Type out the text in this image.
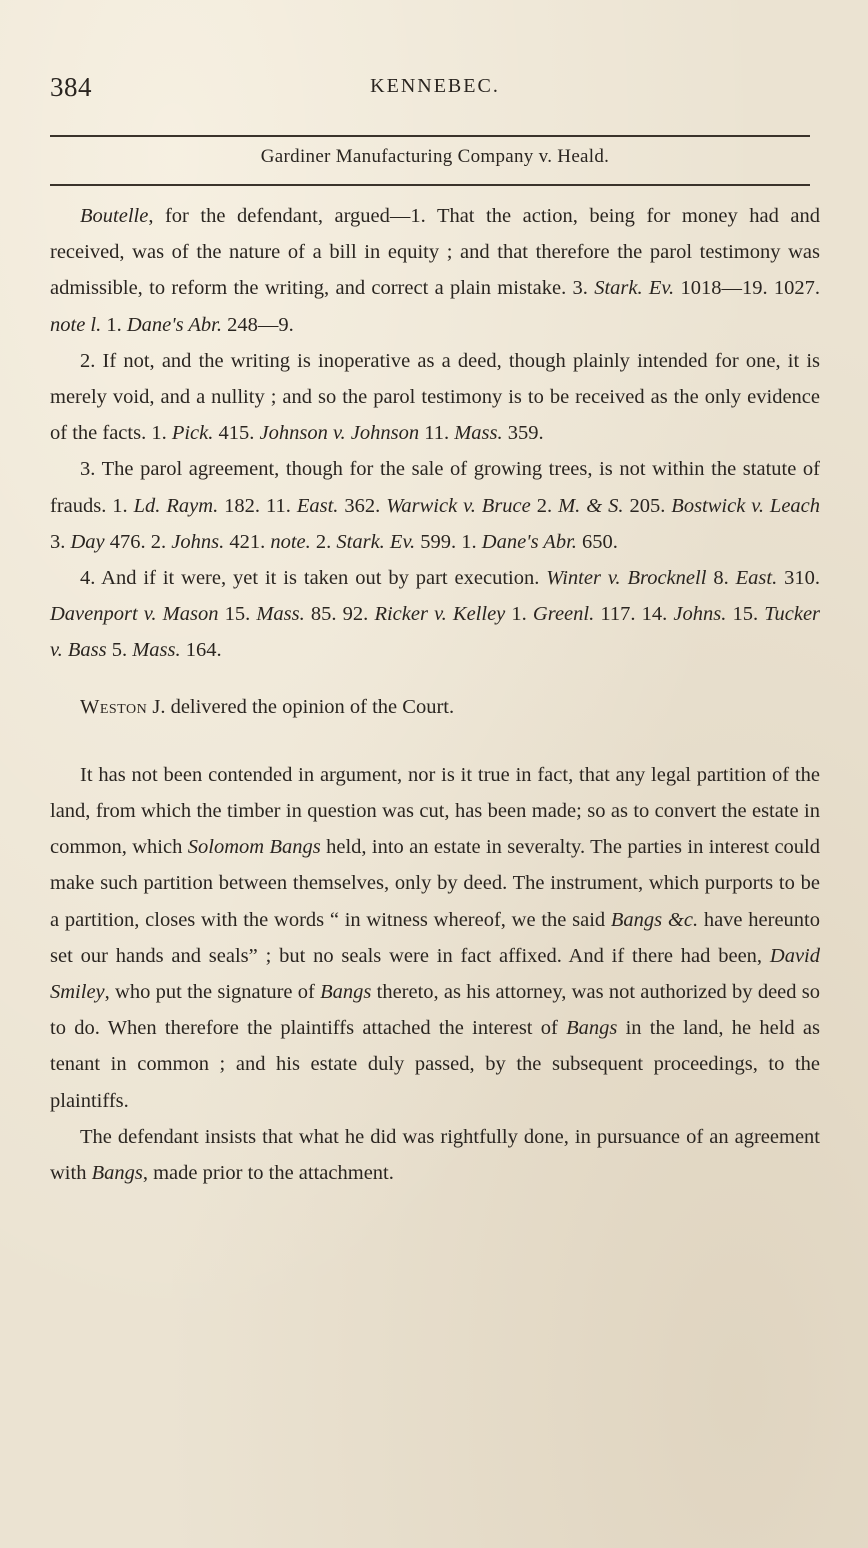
384	KENNEBEC.
Gardiner Manufacturing Company v. Heald.

Boutelle, for the defendant, argued—1. That the action, being for money had and received, was of the nature of a bill in equity ; and that therefore the parol testimony was admissible, to reform the writing, and correct a plain mistake. 3. Stark. Ev. 1018—19. 1027. note l. 1. Dane's Abr. 248—9.

2. If not, and the writing is inoperative as a deed, though plainly intended for one, it is merely void, and a nullity ; and so the parol testimony is to be received as the only evidence of the facts. 1. Pick. 415. Johnson v. Johnson 11. Mass. 359.

3. The parol agreement, though for the sale of growing trees, is not within the statute of frauds. 1. Ld. Raym. 182. 11. East. 362. Warwick v. Bruce 2. M. & S. 205. Bostwick v. Leach 3. Day 476. 2. Johns. 421. note. 2. Stark. Ev. 599. 1. Dane's Abr. 650.

4. And if it were, yet it is taken out by part execution. Winter v. Brocknell 8. East. 310. Davenport v. Mason 15. Mass. 85. 92. Ricker v. Kelley 1. Greenl. 117. 14. Johns. 15. Tucker v. Bass 5. Mass. 164.

Weston J. delivered the opinion of the Court.

It has not been contended in argument, nor is it true in fact, that any legal partition of the land, from which the timber in question was cut, has been made; so as to convert the estate in common, which Solomom Bangs held, into an estate in severalty. The parties in interest could make such partition between themselves, only by deed. The instrument, which purports to be a partition, closes with the words “ in witness whereof, we the said Bangs &c. have hereunto set our hands and seals” ; but no seals were in fact affixed. And if there had been, David Smiley, who put the signature of Bangs thereto, as his attorney, was not authorized by deed so to do. When therefore the plaintiffs attached the interest of Bangs in the land, he held as tenant in common ; and his estate duly passed, by the subsequent proceedings, to the plaintiffs.

The defendant insists that what he did was rightfully done, in pursuance of an agreement with Bangs, made prior to the attachment.
